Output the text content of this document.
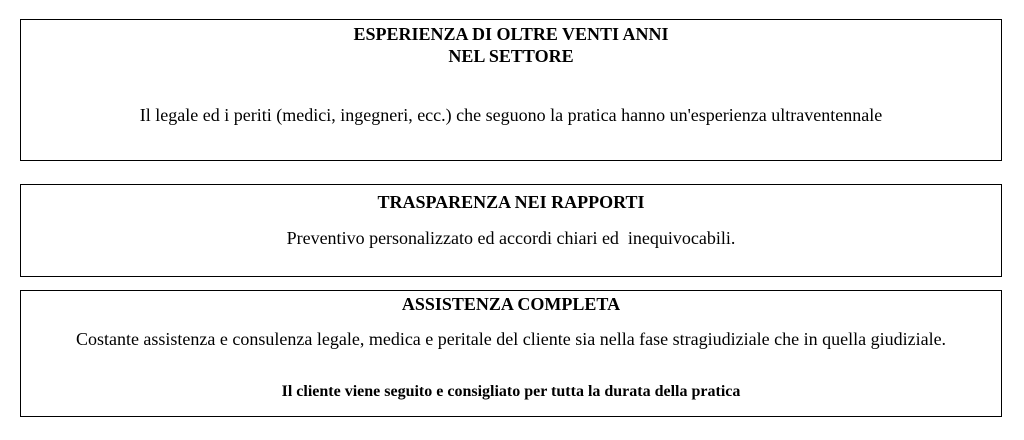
ESPERIENZA DI OLTRE VENTI ANNI
NEL SETTORE

Il legale ed i periti (medici, ingegneri, ecc.) che seguono la pratica hanno un'esperienza ultraventennale

TRASPARENZA NEI RAPPORTI

Preventivo personalizzato ed accordi chiari ed  inequivocabili.

ASSISTENZA COMPLETA

Costante assistenza e consulenza legale, medica e peritale del cliente sia nella fase stragiudiziale che in quella giudiziale.

Il cliente viene seguito e consigliato per tutta la durata della pratica
